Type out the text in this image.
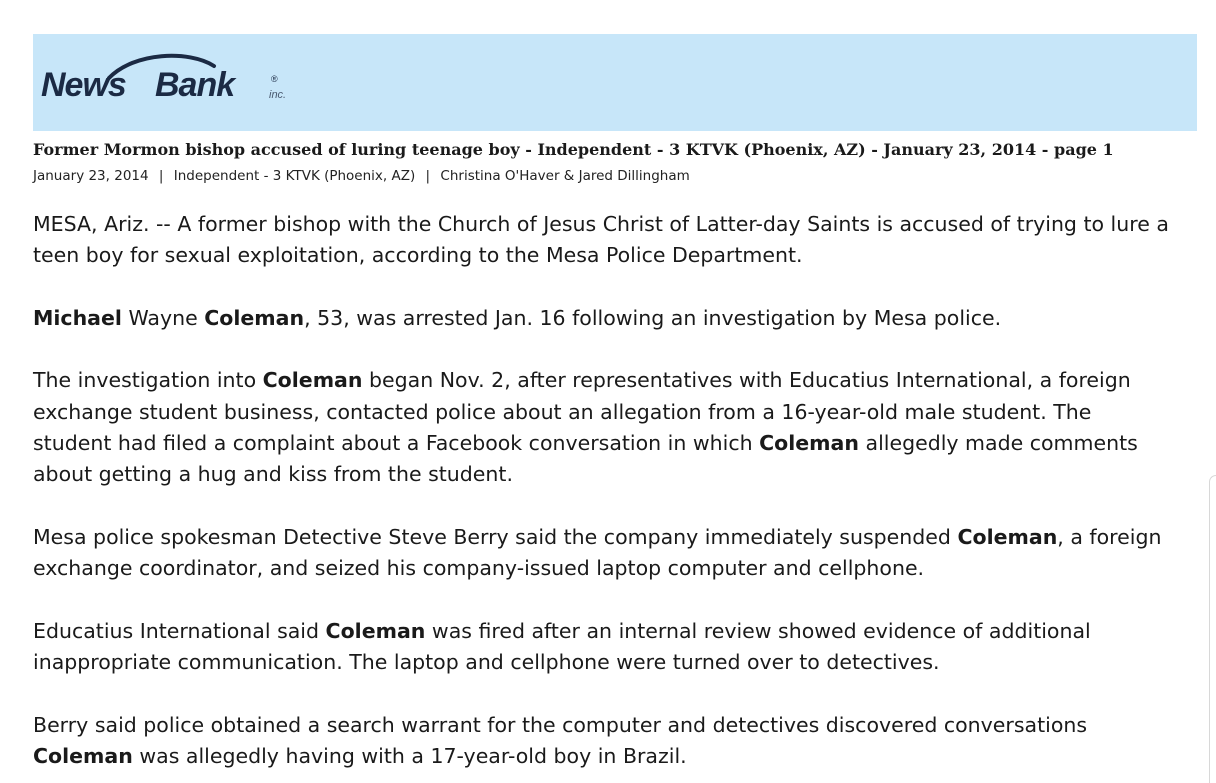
News Bank	®
inc.
Former Mormon bishop accused of luring teenage boy - Independent - 3 KTVK (Phoenix, AZ) - January 23, 2014 - page 1
January 23, 2014 | Independent - 3 KTVK (Phoenix, AZ) | Christina O'Haver & Jared Dillingham

MESA, Ariz. -- A former bishop with the Church of Jesus Christ of Latter-day Saints is accused of trying to lure a
teen boy for sexual exploitation, according to the Mesa Police Department.

Michael Wayne Coleman, 53, was arrested Jan. 16 following an investigation by Mesa police.

The investigation into Coleman began Nov. 2, after representatives with Educatius International, a foreign
exchange student business, contacted police about an allegation from a 16-year-old male student. The
student had filed a complaint about a Facebook conversation in which Coleman allegedly made comments
about getting a hug and kiss from the student.

Mesa police spokesman Detective Steve Berry said the company immediately suspended Coleman, a foreign
exchange coordinator, and seized his company-issued laptop computer and cellphone.

Educatius International said Coleman was fired after an internal review showed evidence of additional
inappropriate communication. The laptop and cellphone were turned over to detectives.

Berry said police obtained a search warrant for the computer and detectives discovered conversations
Coleman was allegedly having with a 17-year-old boy in Brazil.
